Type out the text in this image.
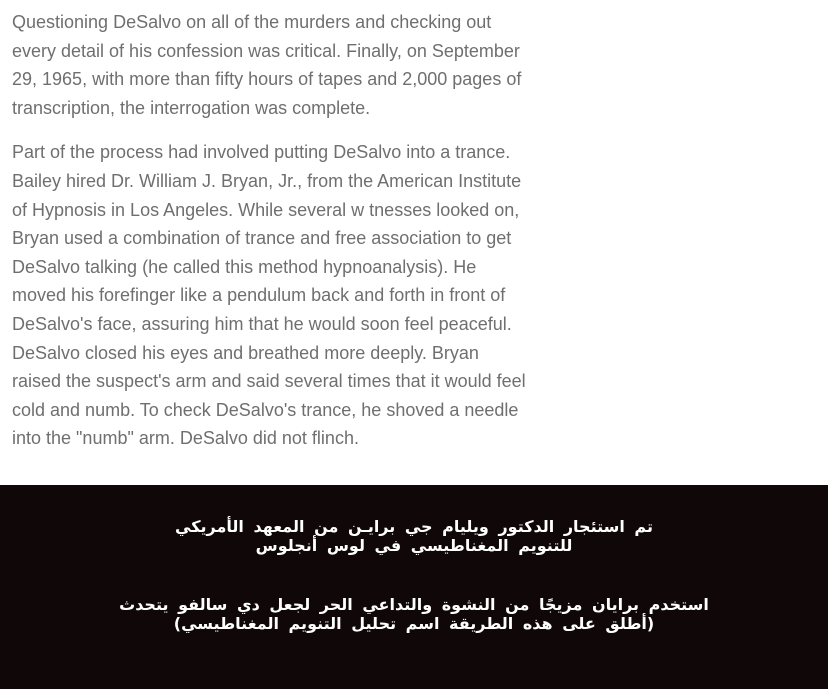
Questioning DeSalvo on all of the murders and checking out every detail of his confession was critical. Finally, on September 29, 1965, with more than fifty hours of tapes and 2,000 pages of transcription, the interrogation was complete.

Part of the process had involved putting DeSalvo into a trance. Bailey hired Dr. William J. Bryan, Jr., from the American Institute of Hypnosis in Los Angeles. While several w tnesses looked on, Bryan used a combination of trance and free association to get DeSalvo talking (he called this method hypnoanalysis). He moved his forefinger like a pendulum back and forth in front of DeSalvo's face, assuring him that he would soon feel peaceful. DeSalvo closed his eyes and breathed more deeply. Bryan raised the suspect's arm and said several times that it would feel cold and numb. To check DeSalvo's trance, he shoved a needle into the "numb" arm. DeSalvo did not flinch.

تم استئجار الدكتور ويليام جي برايـن من المعهد الأمريكي
للتنويم المغناطيسي في لوس أنجلوس
استخدم برايان مزيجًا من النشوة والتداعي الحر لجعل دي سالفو يتحدث
(أطلق على هذه الطريقة اسم تحليل التنويم المغناطيسي)
